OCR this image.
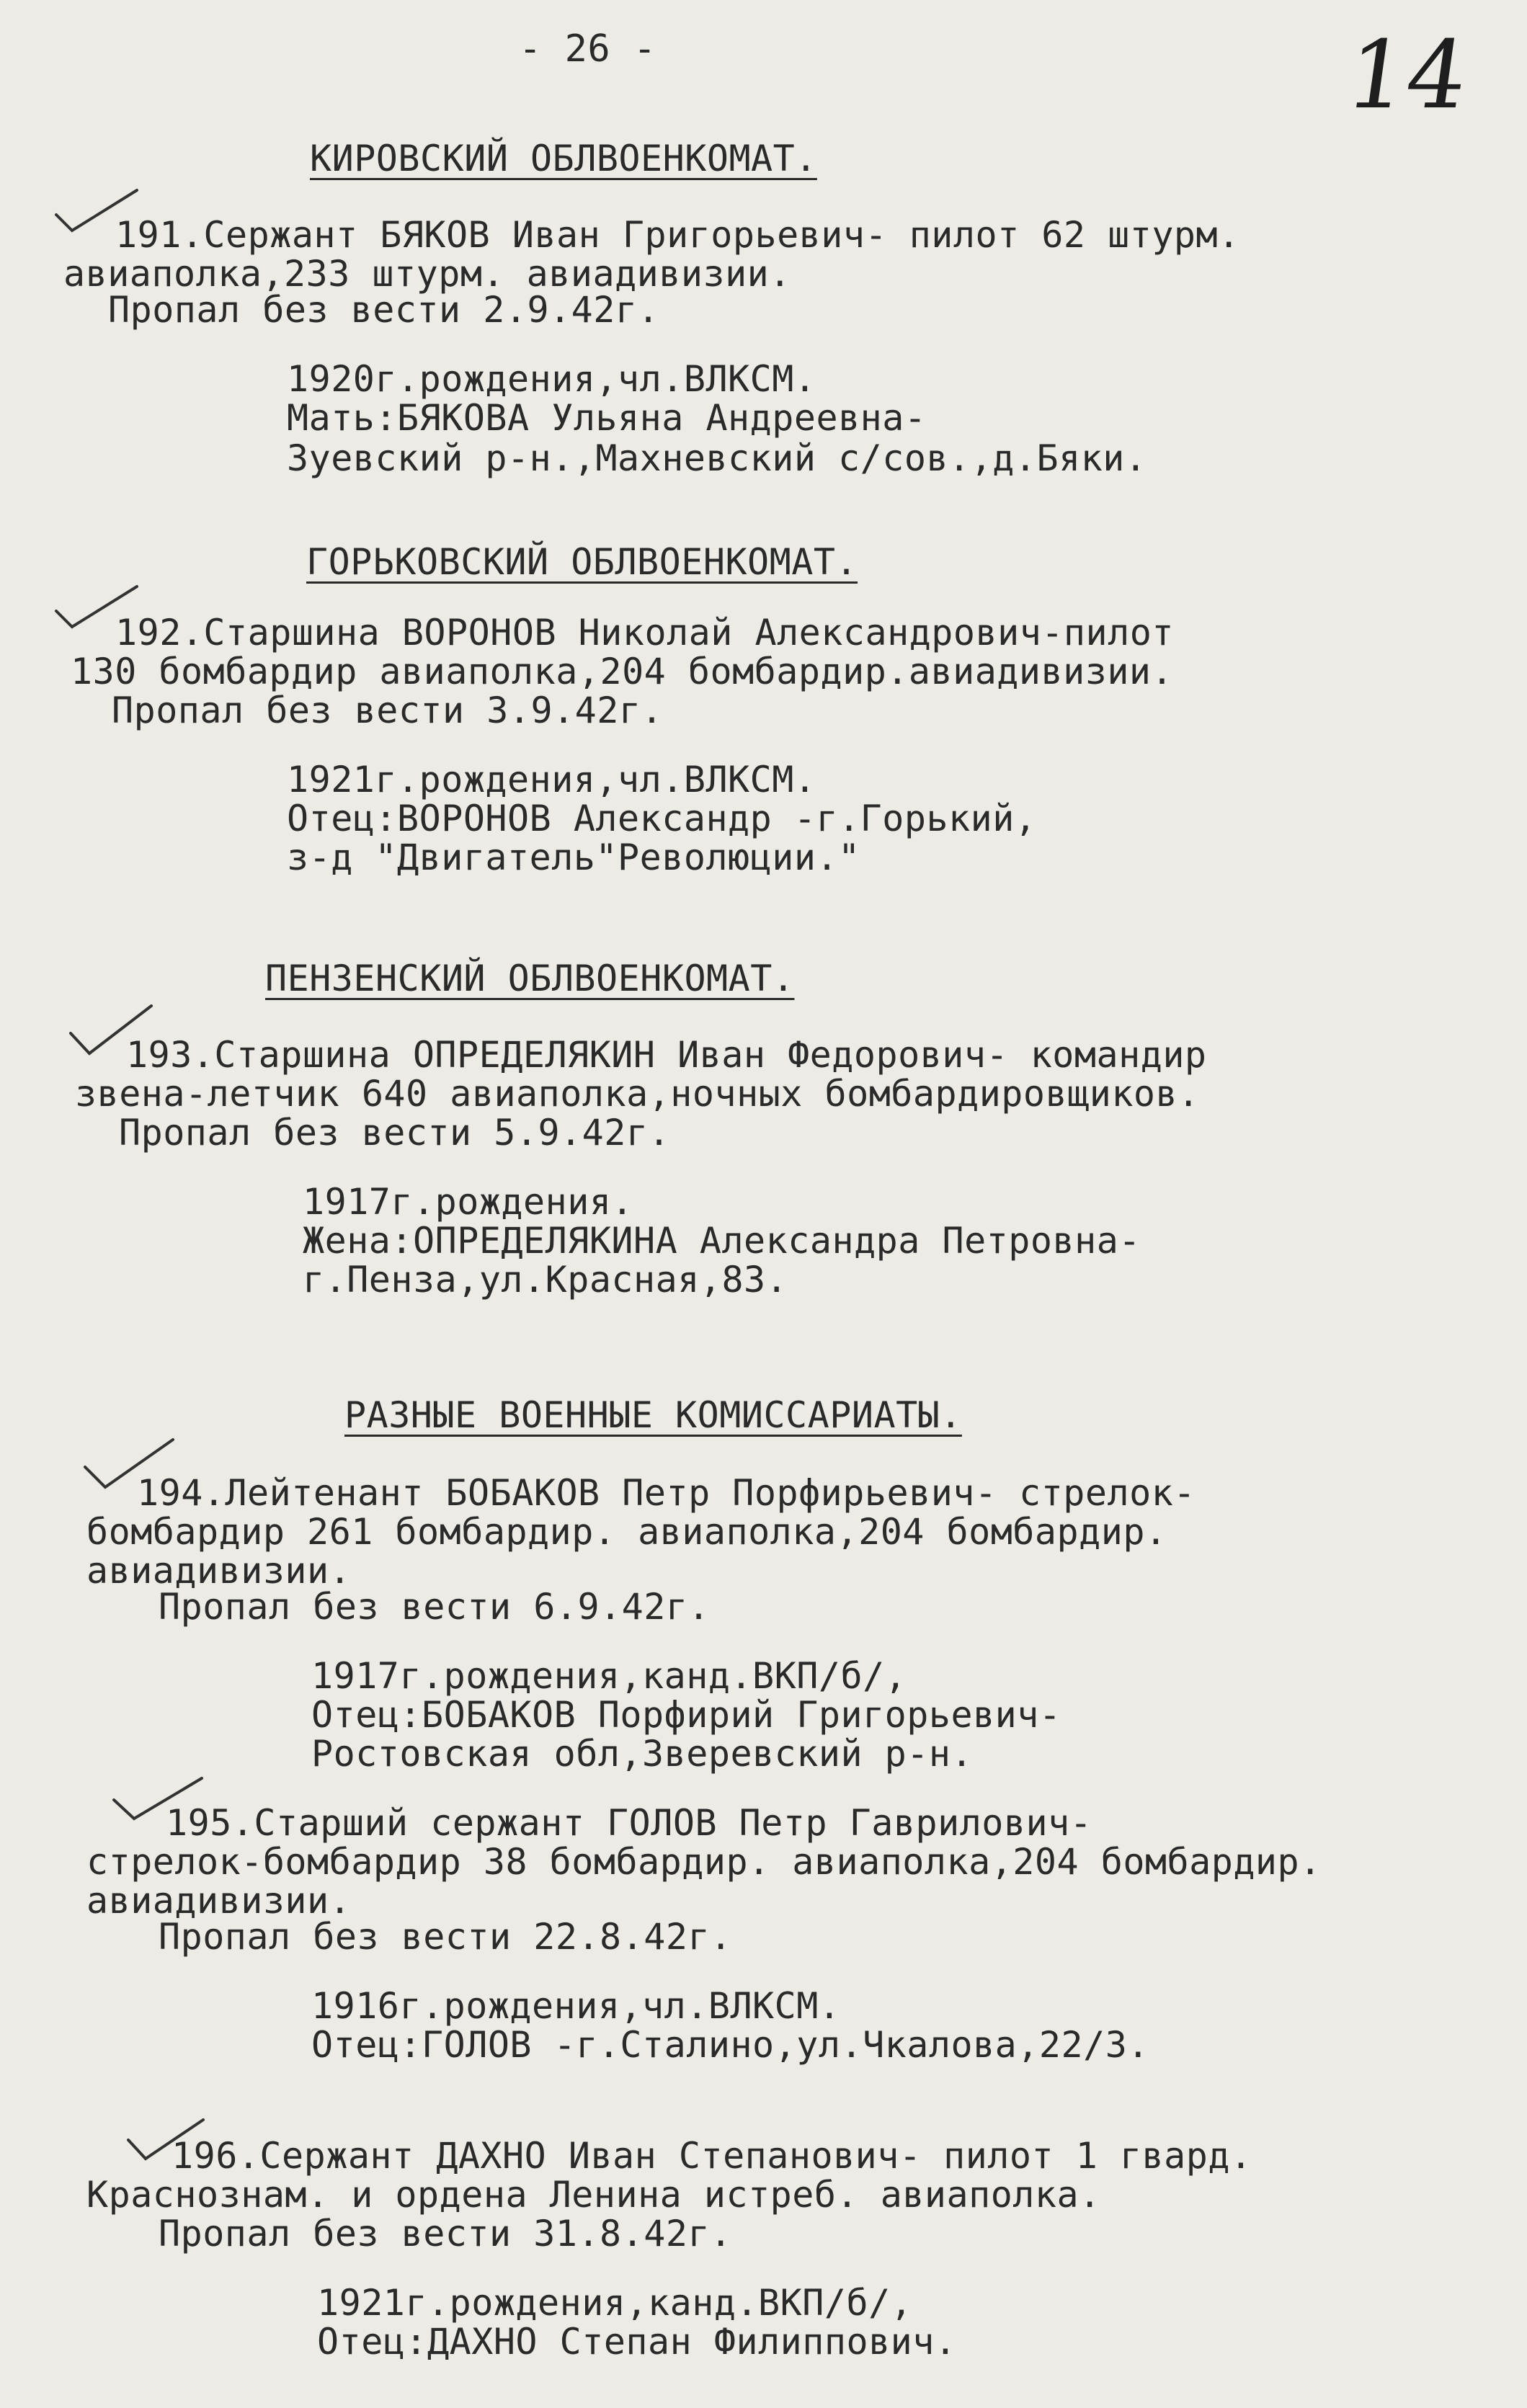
- 26 -	14
КИРОВСКИЙ ОБЛВОЕНКОМАТ.
191.Сержант БЯКОВ Иван Григорьевич- пилот 62 штурм.
авиаполка,233 штурм. авиадивизии.
Пропал без вести 2.9.42г.
1920г.рождения,чл.ВЛКСМ.
Мать:БЯКОВА Ульяна Андреевна-
Зуевский р-н.,Махневский с/сов.,д.Бяки.
ГОРЬКОВСКИЙ ОБЛВОЕНКОМАТ.
192.Старшина ВОРОНОВ Николай Александрович-пилот
130 бомбардир авиаполка,204 бомбардир.авиадивизии.
Пропал без вести 3.9.42г.
1921г.рождения,чл.ВЛКСМ.
Отец:ВОРОНОВ Александр -г.Горький,
з-д "Двигатель"Революции."
ПЕНЗЕНСКИЙ ОБЛВОЕНКОМАТ.
193.Старшина ОПРЕДЕЛЯКИН Иван Федорович- командир
звена-летчик 640 авиаполка,ночных бомбардировщиков.
Пропал без вести 5.9.42г.
1917г.рождения.
Жена:ОПРЕДЕЛЯКИНА Александра Петровна-
г.Пенза,ул.Красная,83.
РАЗНЫЕ ВОЕННЫЕ КОМИССАРИАТЫ.
194.Лейтенант БОБАКОВ Петр Порфирьевич- стрелок-
бомбардир 261 бомбардир. авиаполка,204 бомбардир.
авиадивизии.
Пропал без вести 6.9.42г.
1917г.рождения,канд.ВКП/б/,
Отец:БОБАКОВ Порфирий Григорьевич-
Ростовская обл,Зверевский р-н.
195.Старший сержант ГОЛОВ Петр Гаврилович-
стрелок-бомбардир 38 бомбардир. авиаполка,204 бомбардир.
авиадивизии.
Пропал без вести 22.8.42г.
1916г.рождения,чл.ВЛКСМ.
Отец:ГОЛОВ -г.Сталино,ул.Чкалова,22/3.
196.Сержант ДАХНО Иван Степанович- пилот 1 гвард.
Краснознам. и ордена Ленина истреб. авиаполка.
Пропал без вести 31.8.42г.
1921г.рождения,канд.ВКП/б/,
Отец:ДАХНО Степан Филиппович.
